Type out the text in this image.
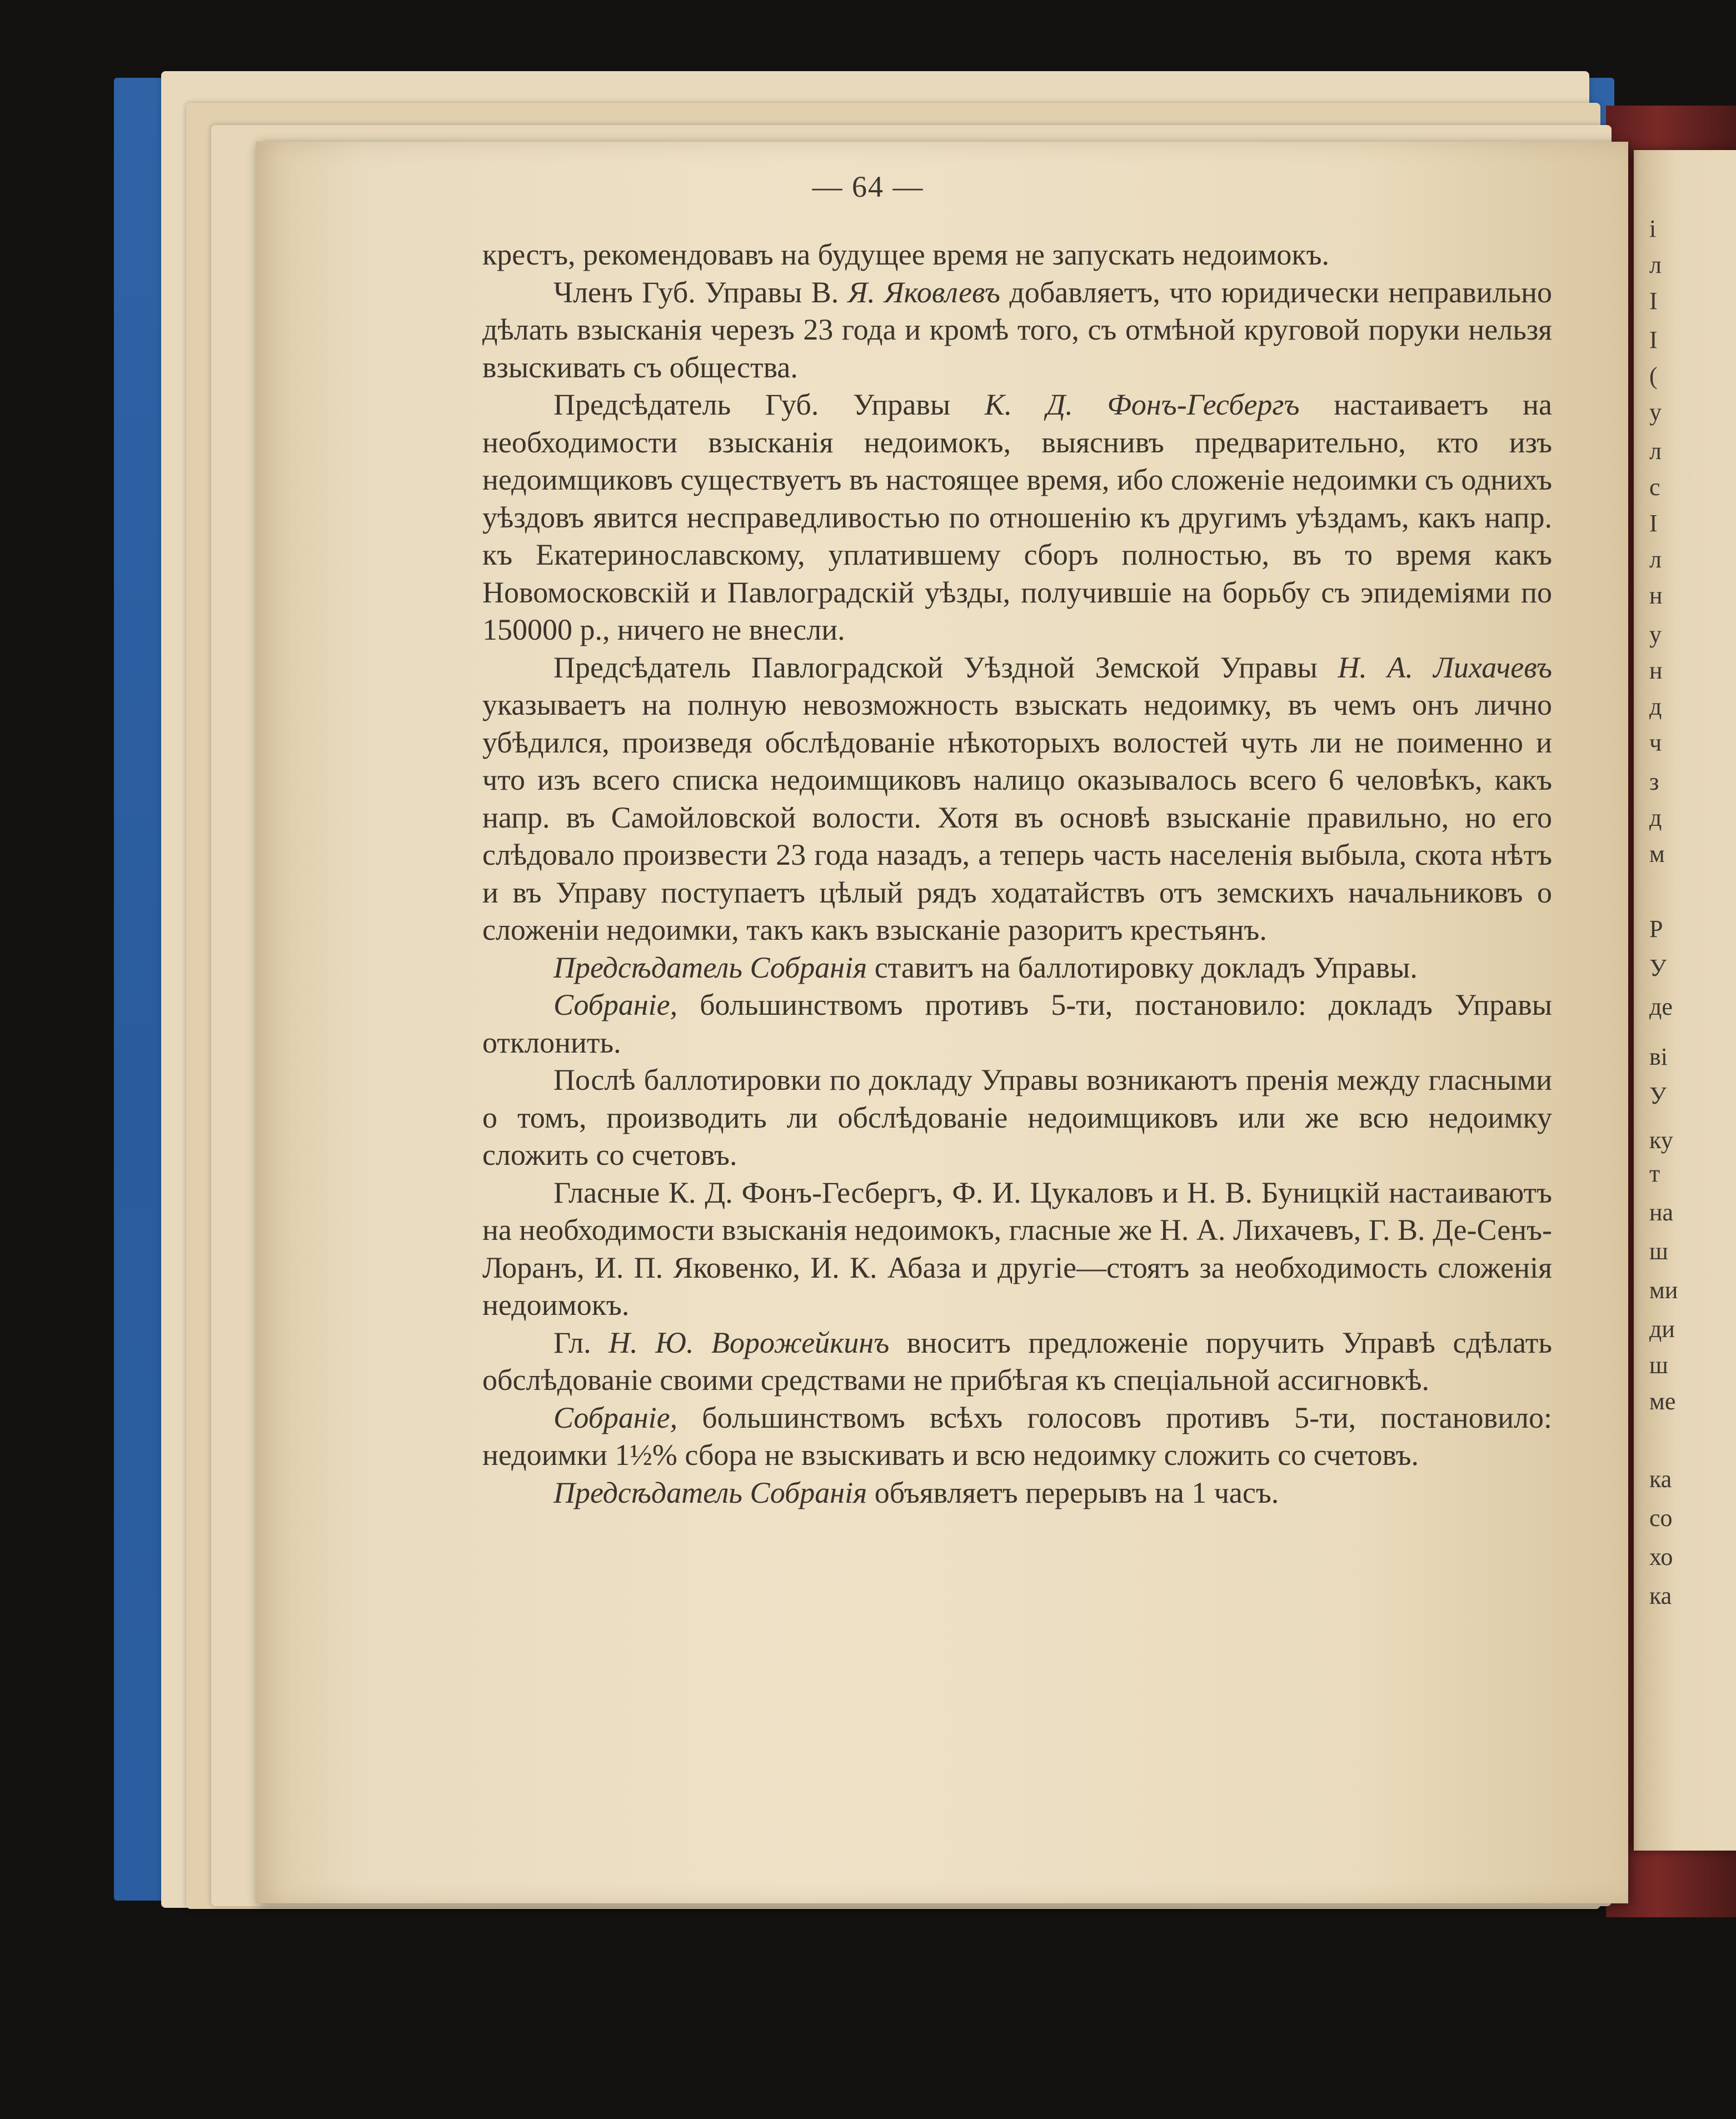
і
л
І
І
(
у
л
с
І
л
н
у
н
д
ч
з
д
м
Р
У
де
ві
У
ку
т
на
ш
ми
ди
ш
ме
ка
со
хо
ка
— 64 —

крестъ, рекомендовавъ на будущее время не запускать недоимокъ.

Членъ Губ. Управы В. Я. Яковлевъ добавляетъ, что юридически неправильно дѣлать взысканія черезъ 23 года и кромѣ того, съ отмѣной круговой поруки нельзя взыскивать съ общества.

Предсѣдатель Губ. Управы К. Д. Фонъ-Гесбергъ настаиваетъ на необходимости взысканія недоимокъ, выяснивъ предварительно, кто изъ недоимщиковъ существуетъ въ настоящее время, ибо сложеніе недоимки съ однихъ уѣздовъ явится несправедливостью по отношенію къ другимъ уѣздамъ, какъ напр. къ Екатеринославскому, уплатившему сборъ полностью, въ то время какъ Новомосковскій и Павлоградскій уѣзды, получившіе на борьбу съ эпидеміями по 150000 р., ничего не внесли.

Предсѣдатель Павлоградской Уѣздной Земской Управы Н. А. Лихачевъ указываетъ на полную невозможность взыскать недоимку, въ чемъ онъ лично убѣдился, произведя обслѣдованіе нѣкоторыхъ волостей чуть ли не поименно и что изъ всего списка недоимщиковъ налицо оказывалось всего 6 человѣкъ, какъ напр. въ Самойловской волости. Хотя въ основѣ взысканіе правильно, но его слѣдовало произвести 23 года назадъ, а теперь часть населенія выбыла, скота нѣтъ и въ Управу поступаетъ цѣлый рядъ ходатайствъ отъ земскихъ начальниковъ о сложеніи недоимки, такъ какъ взысканіе разоритъ крестьянъ.

Предсѣдатель Собранія ставитъ на баллотировку докладъ Управы.

Собраніе, большинствомъ противъ 5-ти, постановило: докладъ Управы отклонить.

Послѣ баллотировки по докладу Управы возникаютъ пренія между гласными о томъ, производить ли обслѣдованіе недоимщиковъ или же всю недоимку сложить со счетовъ.

Гласные К. Д. Фонъ-Гесбергъ, Ф. И. Цукаловъ и Н. В. Буницкій настаиваютъ на необходимости взысканія недоимокъ, гласные же Н. А. Лихачевъ, Г. В. Де-Сенъ-Лоранъ, И. П. Яковенко, И. К. Абаза и другіе—стоятъ за необходимость сложенія недоимокъ.

Гл. Н. Ю. Ворожейкинъ вноситъ предложеніе поручить Управѣ сдѣлать обслѣдованіе своими средствами не прибѣгая къ спеціальной ассигновкѣ.

Собраніе, большинствомъ всѣхъ голосовъ противъ 5-ти, постановило: недоимки 1½% сбора не взыскивать и всю недоимку сложить со счетовъ.

Предсѣдатель Собранія объявляетъ перерывъ на 1 часъ.
